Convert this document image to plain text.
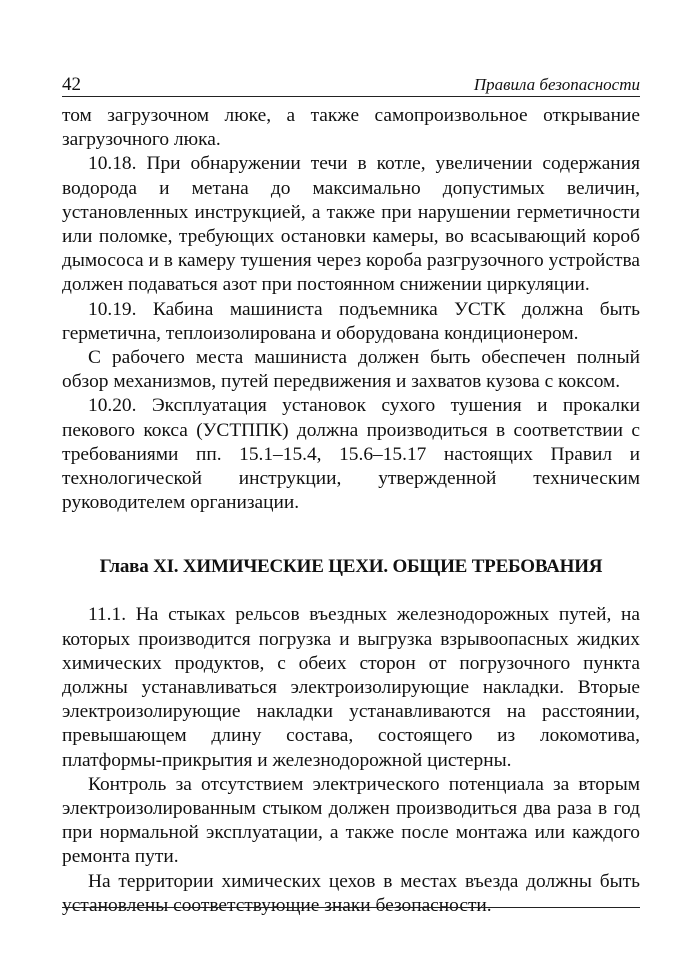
42	Правила безопасности

том загрузочном люке, а также самопроизвольное открывание загрузочного люка.

10.18. При обнаружении течи в котле, увеличении содержания водорода и метана до максимально допустимых величин, установленных инструкцией, а также при нарушении герметичности или поломке, требующих остановки камеры, во всасывающий короб дымососа и в камеру тушения через короба разгрузочного устройства должен подаваться азот при постоянном снижении циркуляции.

10.19. Кабина машиниста подъемника УСТК должна быть герметична, теплоизолирована и оборудована кондиционером.

С рабочего места машиниста должен быть обеспечен полный обзор механизмов, путей передвижения и захватов кузова с коксом.

10.20. Эксплуатация установок сухого тушения и прокалки пекового кокса (УСТППК) должна производиться в соответствии с требованиями пп. 15.1–15.4, 15.6–15.17 настоящих Правил и технологической инструкции, утвержденной техническим руководителем организации.

Глава XI. ХИМИЧЕСКИЕ ЦЕХИ. ОБЩИЕ ТРЕБОВАНИЯ

11.1. На стыках рельсов въездных железнодорожных путей, на которых производится погрузка и выгрузка взрывоопасных жидких химических продуктов, с обеих сторон от погрузочного пункта должны устанавливаться электроизолирующие накладки. Вторые электроизолирующие накладки устанавливаются на расстоянии, превышающем длину состава, состоящего из локомотива, платформы-прикрытия и железнодорожной цистерны.

Контроль за отсутствием электрического потенциала за вторым электроизолированным стыком должен производиться два раза в год при нормальной эксплуатации, а также после монтажа или каждого ремонта пути.

На территории химических цехов в местах въезда должны быть установлены соответствующие знаки безопасности.
